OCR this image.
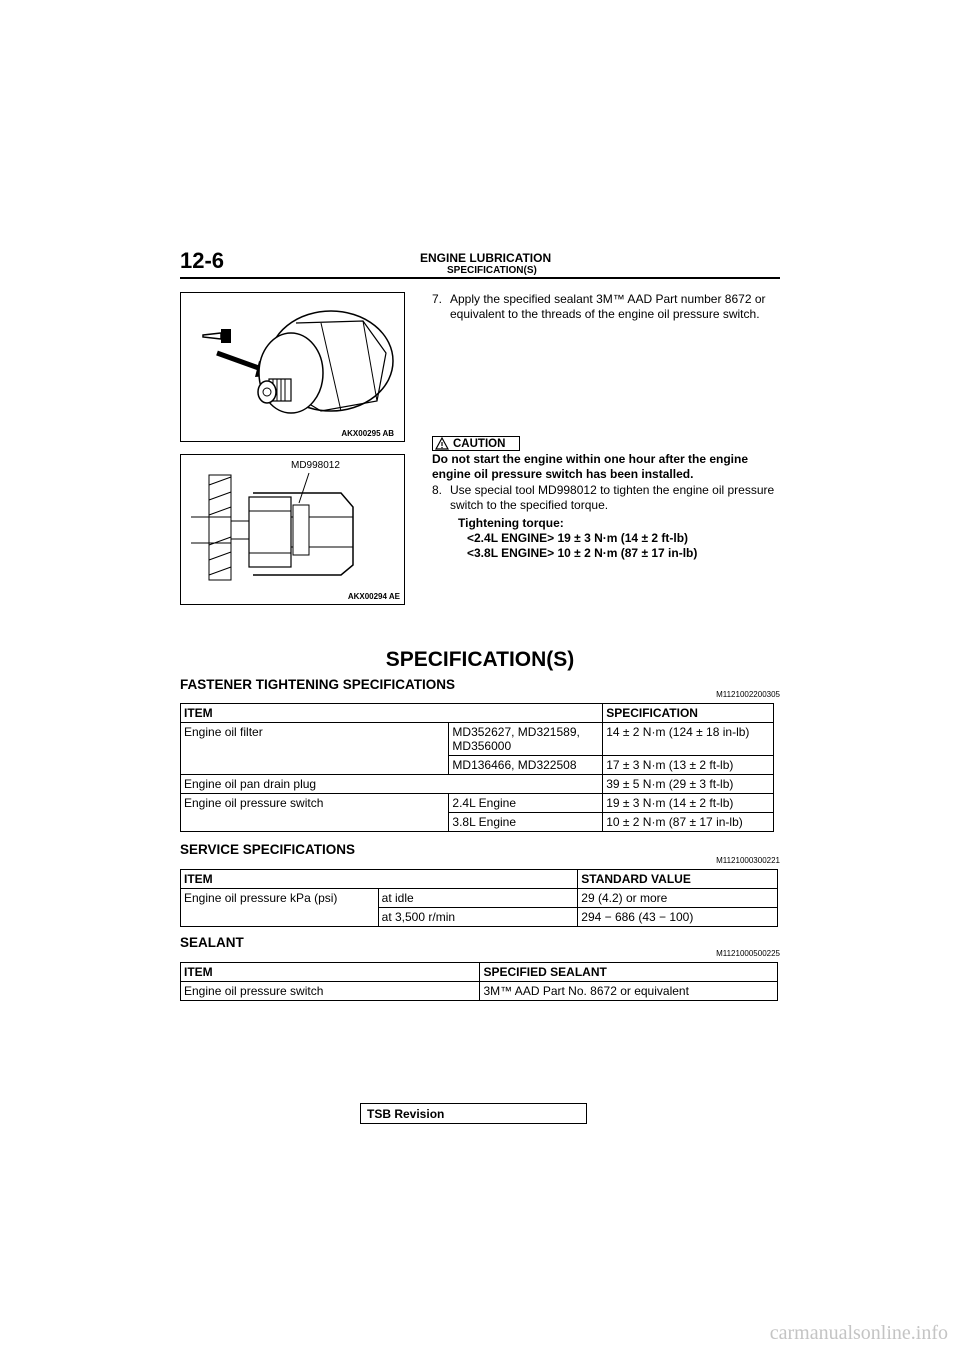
12-6	ENGINE LUBRICATION
SPECIFICATION(S)
AKX00295 AB
MD998012
AKX00294 AE
7. Apply the specified sealant 3M™ AAD Part number 8672 or equivalent to the threads of the engine oil pressure switch.
CAUTION
Do not start the engine within one hour after the engine engine oil pressure switch has been installed.
8. Use special tool MD998012 to tighten the engine oil pressure switch to the specified torque.
Tightening torque:
<2.4L ENGINE> 19 ± 3 N·m (14 ± 2 ft-lb)
<3.8L ENGINE> 10 ± 2 N·m (87 ± 17 in-lb)
SPECIFICATION(S)
FASTENER TIGHTENING SPECIFICATIONS
M1121002200305
ITEM		SPECIFICATION
Engine oil filter	MD352627, MD321589, MD356000	14 ± 2 N·m (124 ± 18 in-lb)
	MD136466, MD322508	17 ± 3 N·m (13 ± 2 ft-lb)
Engine oil pan drain plug		39 ± 5 N·m (29 ± 3 ft-lb)
Engine oil pressure switch	2.4L Engine	19 ± 3 N·m (14 ± 2 ft-lb)
	3.8L Engine	10 ± 2 N·m (87 ± 17 in-lb)
SERVICE SPECIFICATIONS
M1121000300221
ITEM		STANDARD VALUE
Engine oil pressure kPa (psi)	at idle	29 (4.2) or more
	at 3,500 r/min	294 − 686 (43 − 100)
SEALANT
M1121000500225
ITEM	SPECIFIED SEALANT
Engine oil pressure switch	3M™ AAD Part No. 8672 or equivalent
TSB Revision
carmanualsonline.info
